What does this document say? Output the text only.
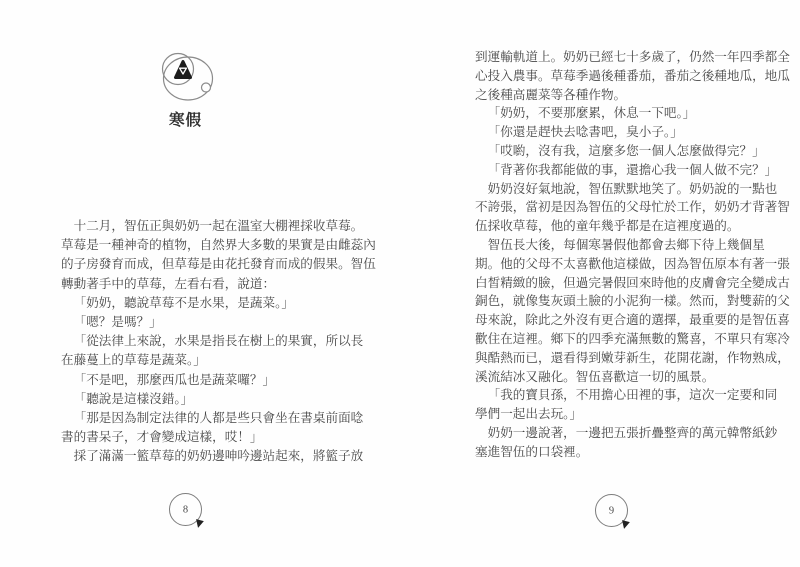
寒假
十二月，智伍正與奶奶一起在溫室大棚裡採收草莓。
草莓是一種神奇的植物，自然界大多數的果實是由雌蕊內
的子房發育而成，但草莓是由花托發育而成的假果。智伍
轉動著手中的草莓，左看右看，說道：
「奶奶，聽說草莓不是水果，是蔬菜。」
「嗯？是嗎？」
「從法律上來說，水果是指長在樹上的果實，所以長
在藤蔓上的草莓是蔬菜。」
「不是吧，那麼西瓜也是蔬菜囉？」
「聽說是這樣沒錯。」
「那是因為制定法律的人都是些只會坐在書桌前面唸
書的書呆子，才會變成這樣，哎！」
採了滿滿一籃草莓的奶奶邊呻吟邊站起來，將籃子放
8
到運輸軌道上。奶奶已經七十多歲了，仍然一年四季都全
心投入農事。草莓季過後種番茄，番茄之後種地瓜，地瓜
之後種高麗菜等各種作物。
「奶奶，不要那麼累，休息一下吧。」
「你還是趕快去唸書吧，臭小子。」
「哎喲，沒有我，這麼多您一個人怎麼做得完？」
「背著你我都能做的事，還擔心我一個人做不完？」
奶奶沒好氣地說，智伍默默地笑了。奶奶說的一點也
不誇張，當初是因為智伍的父母忙於工作，奶奶才背著智
伍採收草莓，他的童年幾乎都是在這裡度過的。
智伍長大後，每個寒暑假他都會去鄉下待上幾個星
期。他的父母不太喜歡他這樣做，因為智伍原本有著一張
白皙精緻的臉，但過完暑假回來時他的皮膚會完全變成古
銅色，就像隻灰頭土臉的小泥狗一樣。然而，對雙薪的父
母來說，除此之外沒有更合適的選擇，最重要的是智伍喜
歡住在這裡。鄉下的四季充滿無數的驚喜，不單只有寒冷
與酷熱而已，還看得到嫩芽新生，花開花謝，作物熟成，
溪流結冰又融化。智伍喜歡這一切的風景。
「我的寶貝孫，不用擔心田裡的事，這次一定要和同
學們一起出去玩。」
奶奶一邊說著，一邊把五張折疊整齊的萬元韓幣紙鈔
塞進智伍的口袋裡。
9
